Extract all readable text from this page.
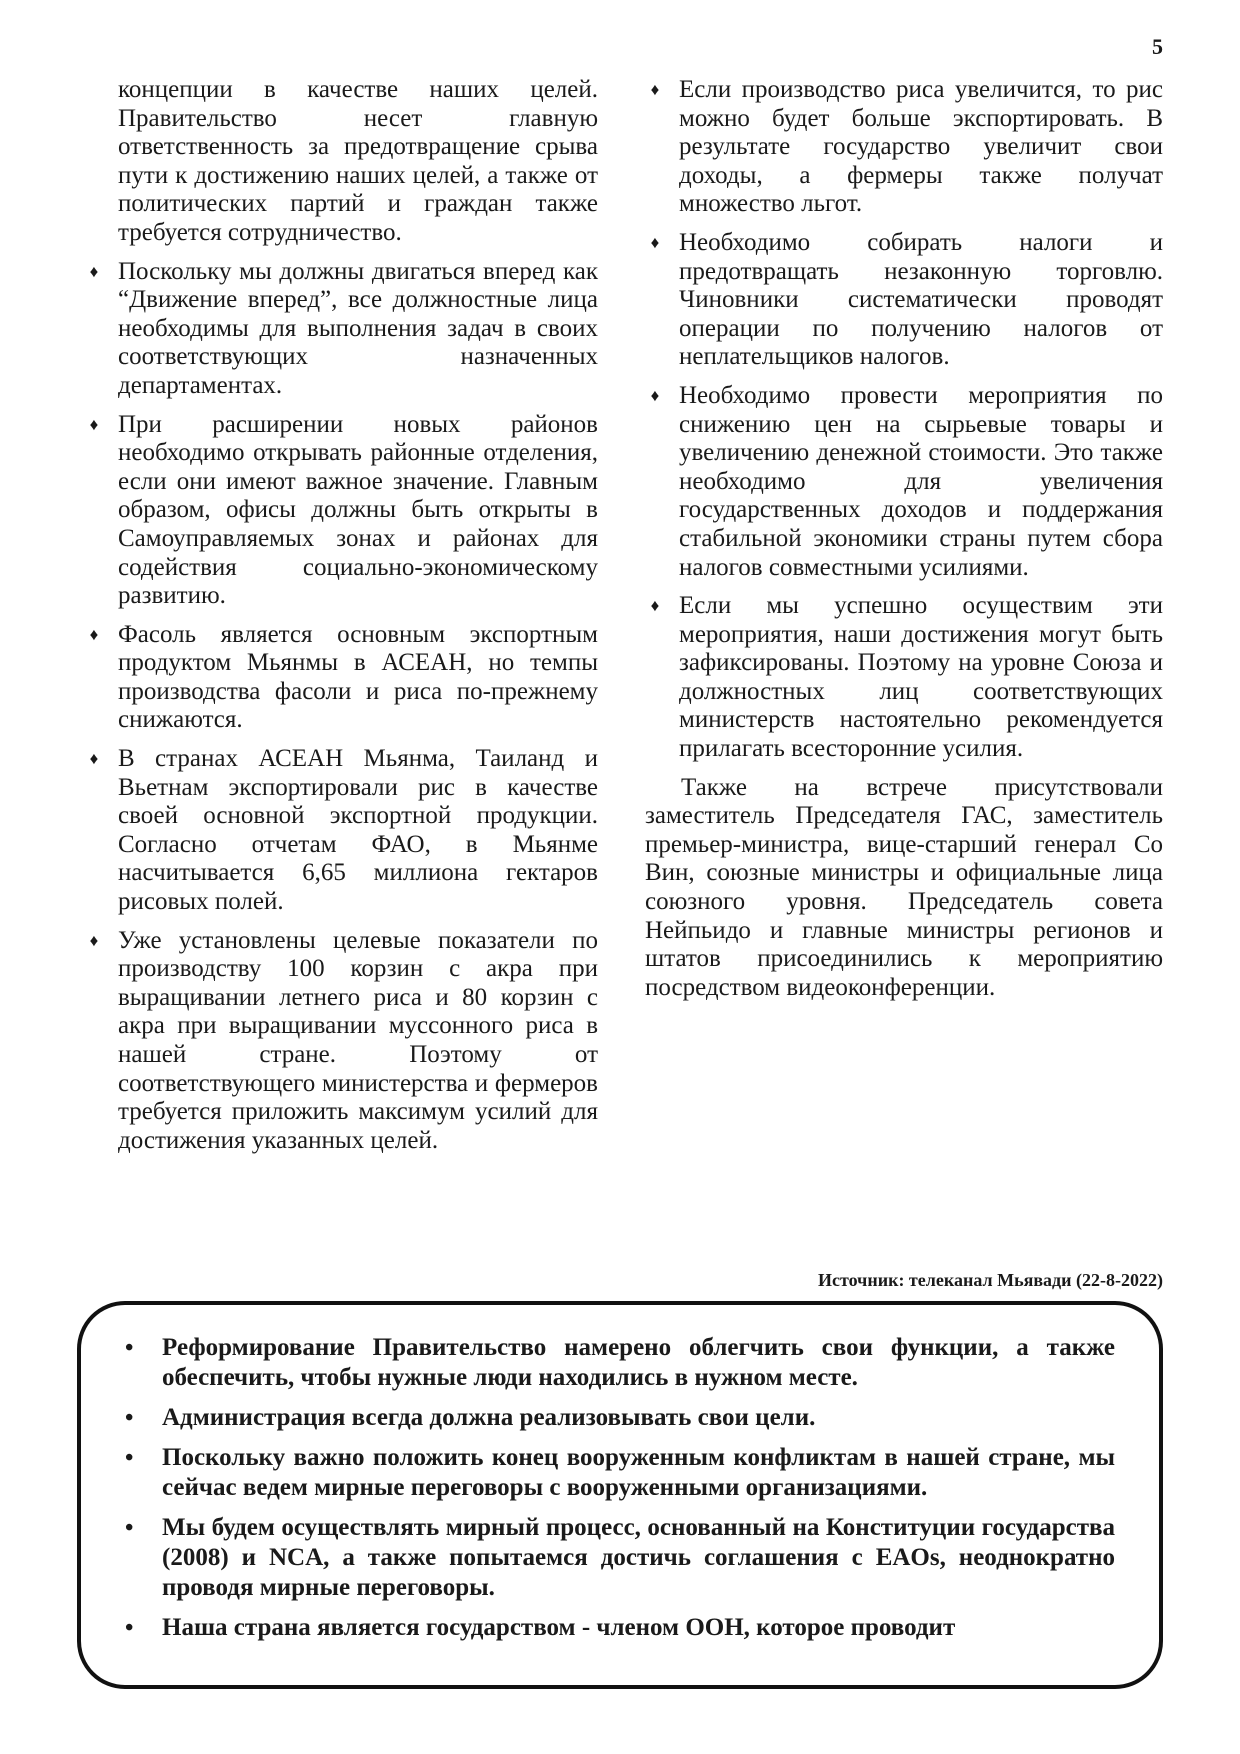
5
концепции в качестве наших целей. Правительство несет главную ответственность за предотвращение срыва пути к достижению наших целей, а также от политических партий и граждан также требуется сотрудничество.
♦ Поскольку мы должны двигаться вперед как “Движение вперед”, все должностные лица необходимы для выполнения задач в своих соответствующих назначенных департаментах.
♦ При расширении новых районов необходимо открывать районные отделения, если они имеют важное значение. Главным образом, офисы должны быть открыты в Самоуправляемых зонах и районах для содействия социально-экономическому развитию.
♦ Фасоль является основным экспортным продуктом Мьянмы в АСЕАН, но темпы производства фасоли и риса по-прежнему снижаются.
♦ В странах АСЕАН Мьянма, Таиланд и Вьетнам экспортировали рис в качестве своей основной экспортной продукции. Согласно отчетам ФАО, в Мьянме насчитывается 6,65 миллиона гектаров рисовых полей.
♦ Уже установлены целевые показатели по производству 100 корзин с акра при выращивании летнего риса и 80 корзин с акра при выращивании муссонного риса в нашей стране. Поэтому от соответствующего министерства и фермеров требуется приложить максимум усилий для достижения указанных целей.
♦ Если производство риса увеличится, то рис можно будет больше экспортировать. В результате государство увеличит свои доходы, а фермеры также получат множество льгот.
♦ Необходимо собирать налоги и предотвращать незаконную торговлю. Чиновники систематически проводят операции по получению налогов от неплательщиков налогов.
♦ Необходимо провести мероприятия по снижению цен на сырьевые товары и увеличению денежной стоимости. Это также необходимо для увеличения государственных доходов и поддержания стабильной экономики страны путем сбора налогов совместными усилиями.
♦ Если мы успешно осуществим эти мероприятия, наши достижения могут быть зафиксированы. Поэтому на уровне Союза и должностных лиц соответствующих министерств настоятельно рекомендуется прилагать всесторонние усилия.

Также на встрече присутствовали заместитель Председателя ГАС, заместитель премьер-министра, вице-старший генерал Со Вин, союзные министры и официальные лица союзного уровня. Председатель совета Нейпьидо и главные министры регионов и штатов присоединились к мероприятию посредством видеоконференции.

Источник: телеканал Мьявади (22-8-2022)
• Реформирование Правительство намерено облегчить свои функции, а также обеспечить, чтобы нужные люди находились в нужном месте.
• Администрация всегда должна реализовывать свои цели.
• Поскольку важно положить конец вооруженным конфликтам в нашей стране, мы сейчас ведем мирные переговоры с вооруженными организациями.
• Мы будем осуществлять мирный процесс, основанный на Конституции государства (2008) и NCA, а также попытаемся достичь соглашения с EAOs, неоднократно проводя мирные переговоры.
• Наша страна является государством - членом ООН, которое проводит
